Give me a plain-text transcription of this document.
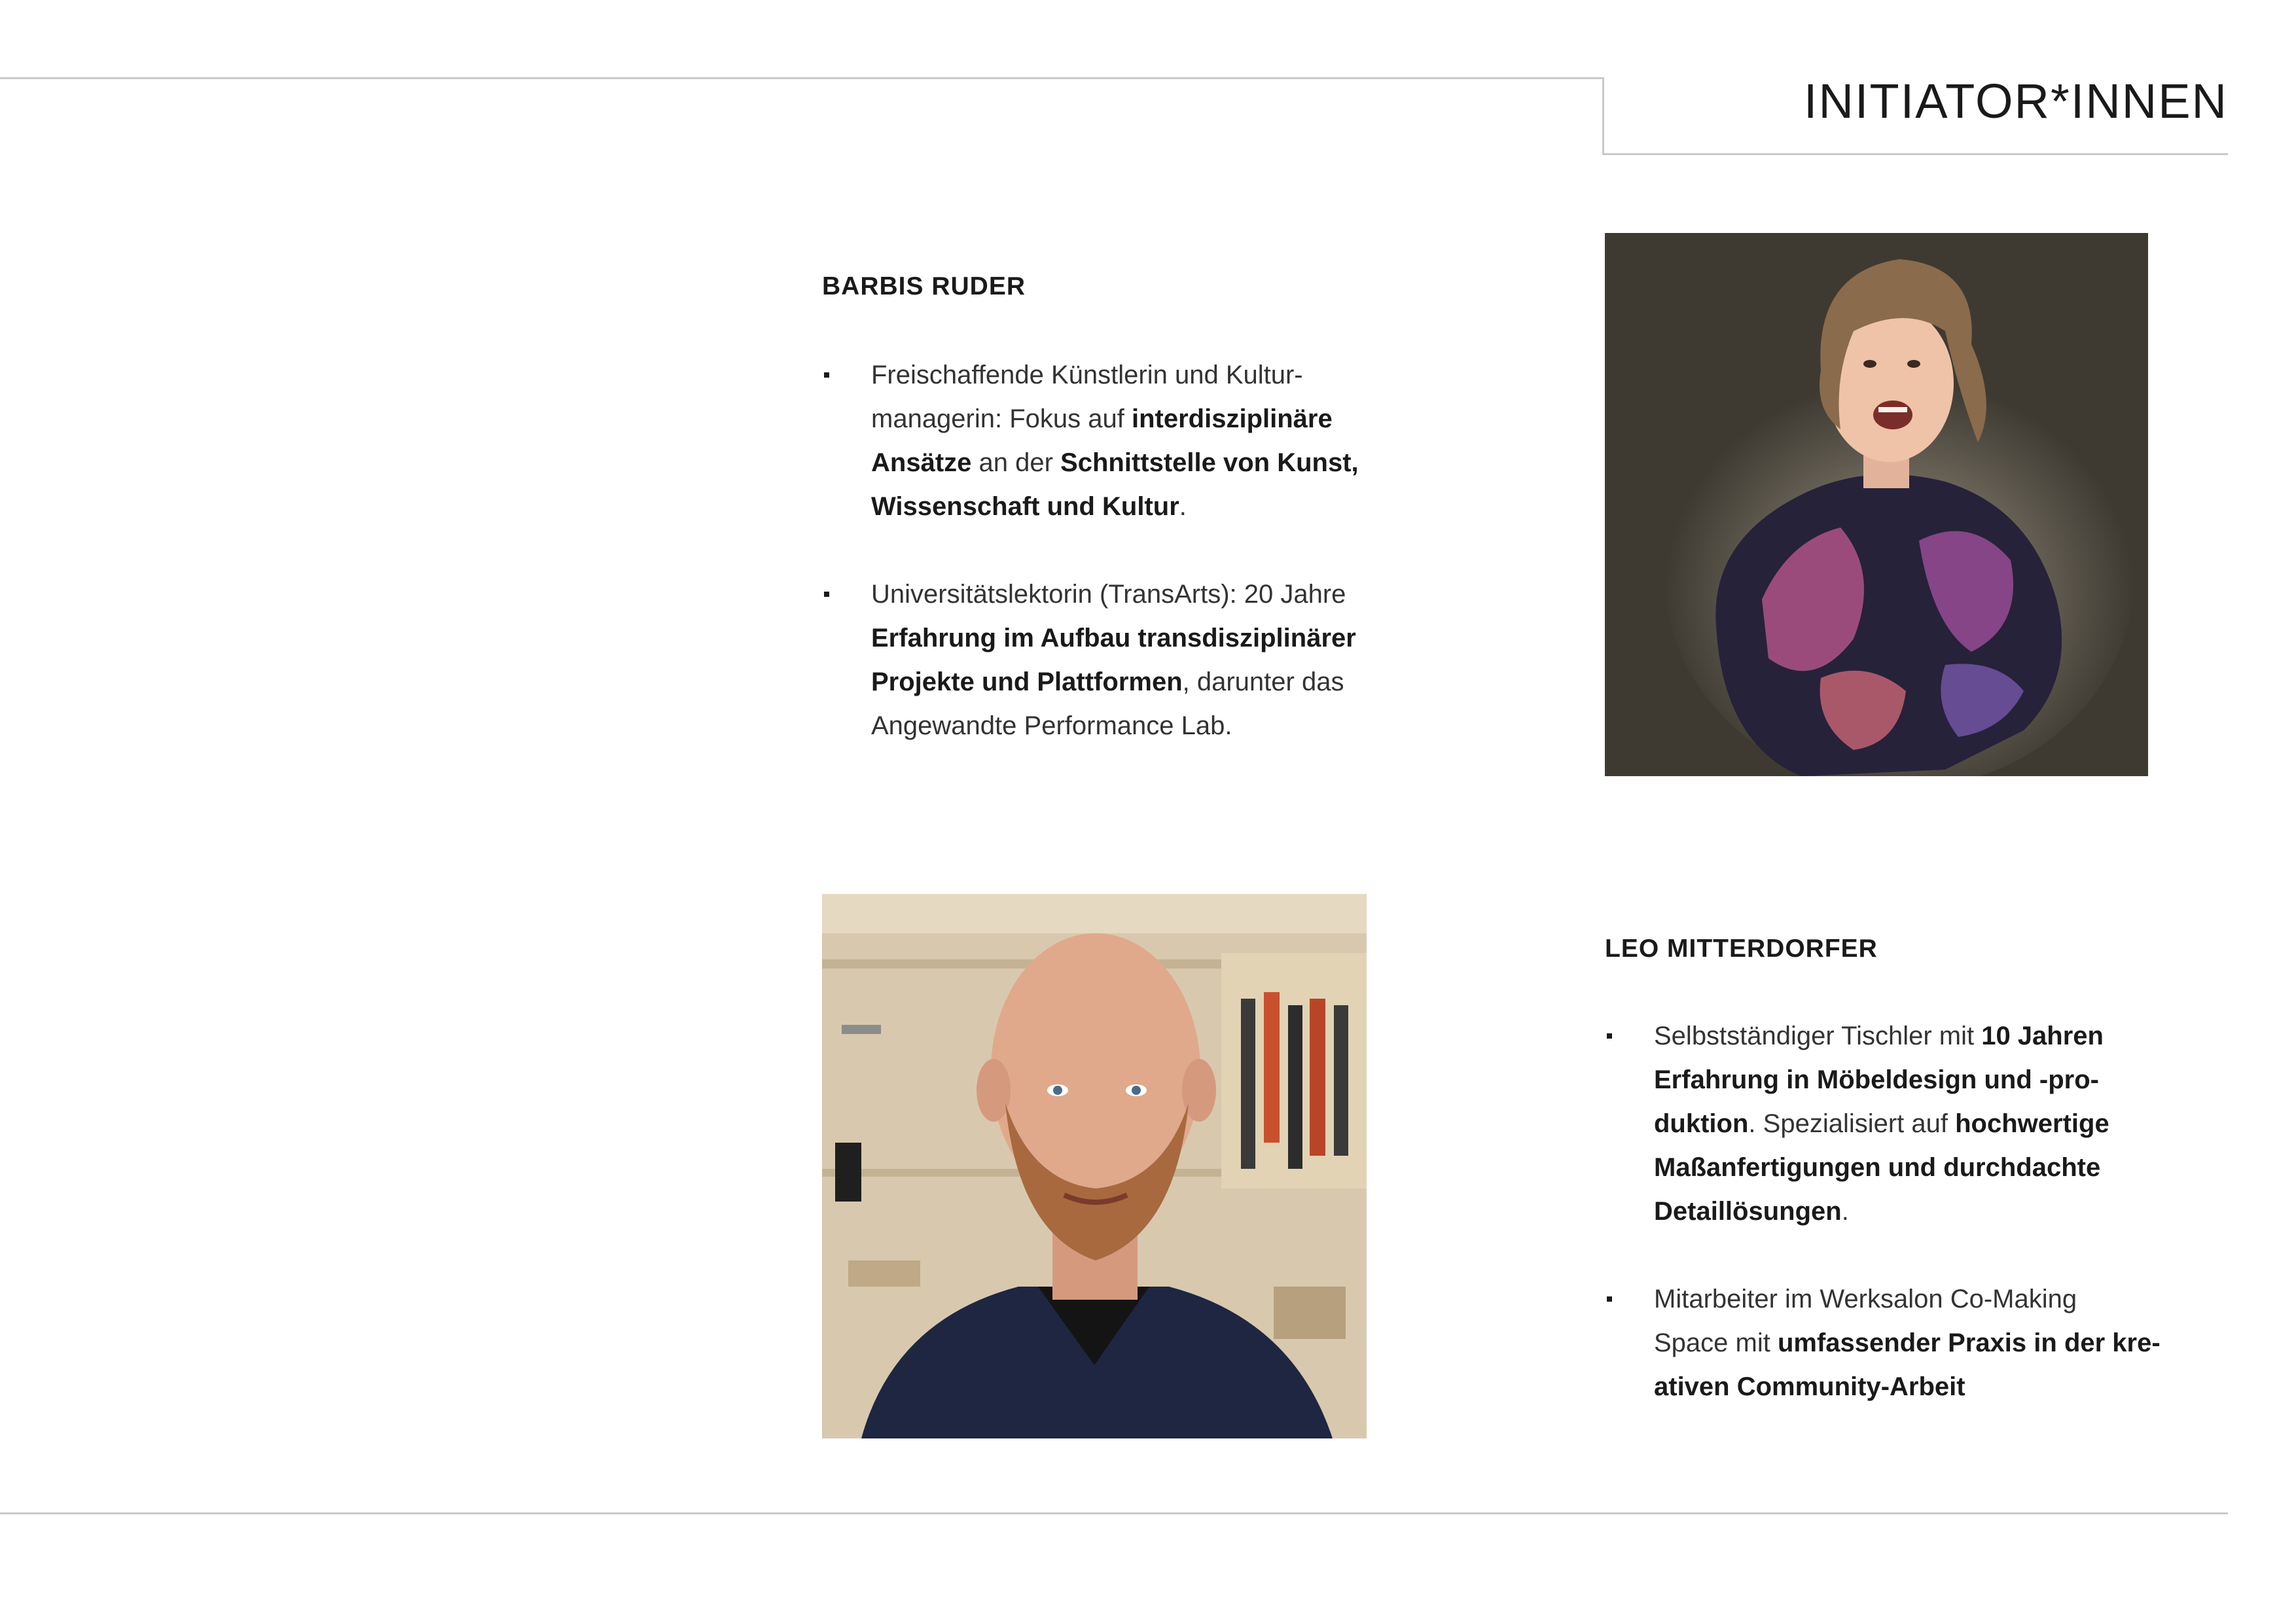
INITIATOR*INNEN
BARBIS RUDER
Freischaffende Künstlerin und Kultur-
managerin: Fokus auf interdisziplinäre
Ansätze an der Schnittstelle von Kunst,
Wissenschaft und Kultur.
Universitätslektorin (TransArts): 20 Jahre
Erfahrung im Aufbau transdisziplinärer
Projekte und Plattformen, darunter das
Angewandte Performance Lab.
LEO MITTERDORFER
Selbstständiger Tischler mit 10 Jahren
Erfahrung in Möbeldesign und -pro-
duktion. Spezialisiert auf hochwertige
Maßanfertigungen und durchdachte
Detaillösungen.
Mitarbeiter im Werksalon Co-Making
Space mit umfassender Praxis in der kre-
ativen Community-Arbeit
